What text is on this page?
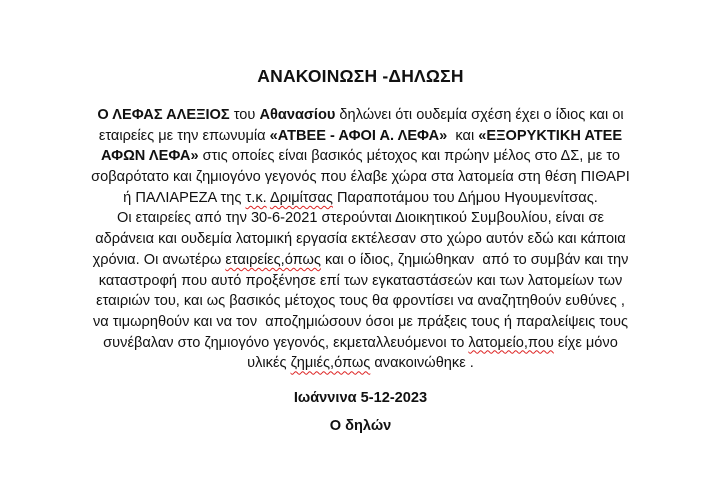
ΑΝΑΚΟΙΝΩΣΗ -ΔΗΛΩΣΗ
Ο ΛΕΦΑΣ ΑΛΕΞΙΟΣ του Αθανασίου δηλώνει ότι ουδεμία σχέση έχει ο ίδιος και οι
εταιρείες με την επωνυμία «ΑΤΒΕΕ - ΑΦΟΙ Α. ΛΕΦΑ»  και «ΕΞΟΡΥΚΤΙΚΗ ΑΤΕΕ
ΑΦΩΝ ΛΕΦΑ» στις οποίες είναι βασικός μέτοχος και πρώην μέλος στο ΔΣ, με το
σοβαρότατο και ζημιογόνο γεγονός που έλαβε χώρα στα λατομεία στη θέση ΠΙΘΑΡΙ
ή ΠΑΛΙΑΡΕΖΑ της τ.κ. Δριμίτσας Παραποτάμου του Δήμου Ηγουμενίτσας.
Οι εταιρείες από την 30-6-2021 στερούνται Διοικητικού Συμβουλίου, είναι σε
αδράνεια και ουδεμία λατομική εργασία εκτέλεσαν στο χώρο αυτόν εδώ και κάποια
χρόνια. Οι ανωτέρω εταιρείες,όπως και ο ίδιος, ζημιώθηκαν  από το συμβάν και την
καταστροφή που αυτό προξένησε επί των εγκαταστάσεών και των λατομείων των
εταιριών του, και ως βασικός μέτοχος τους θα φροντίσει να αναζητηθούν ευθύνες ,
να τιμωρηθούν και να τον  αποζημιώσουν όσοι με πράξεις τους ή παραλείψεις τους
συνέβαλαν στο ζημιογόνο γεγονός, εκμεταλλευόμενοι το λατομείο,που είχε μόνο
υλικές ζημιές,όπως ανακοινώθηκε .
Ιωάννινα 5-12-2023
Ο δηλών
